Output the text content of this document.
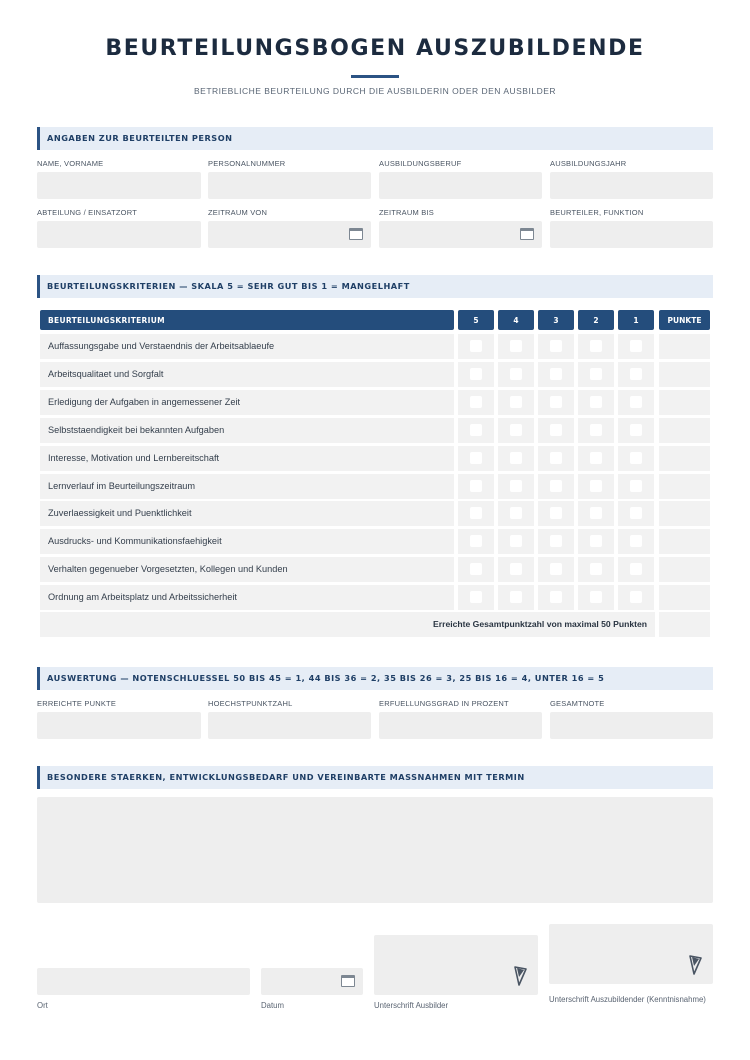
BEURTEILUNGSBOGEN AUSZUBILDENDE
BETRIEBLICHE BEURTEILUNG DURCH DIE AUSBILDERIN ODER DEN AUSBILDER
ANGABEN ZUR BEURTEILTEN PERSON
NAME, VORNAME	PERSONALNUMMER	AUSBILDUNGSBERUF	AUSBILDUNGSJAHR
ABTEILUNG / EINSATZORT	ZEITRAUM VON	ZEITRAUM BIS	BEURTEILER, FUNKTION
BEURTEILUNGSKRITERIEN — SKALA 5 = SEHR GUT BIS 1 = MANGELHAFT
BEURTEILUNGSKRITERIUM	5	4	3	2	1	PUNKTE
Auffassungsgabe und Verstaendnis der Arbeitsablaeufe
Arbeitsqualitaet und Sorgfalt
Erledigung der Aufgaben in angemessener Zeit
Selbststaendigkeit bei bekannten Aufgaben
Interesse, Motivation und Lernbereitschaft
Lernverlauf im Beurteilungszeitraum
Zuverlaessigkeit und Puenktlichkeit
Ausdrucks- und Kommunikationsfaehigkeit
Verhalten gegenueber Vorgesetzten, Kollegen und Kunden
Ordnung am Arbeitsplatz und Arbeitssicherheit
Erreichte Gesamtpunktzahl von maximal 50 Punkten
AUSWERTUNG — NOTENSCHLUESSEL 50 BIS 45 = 1, 44 BIS 36 = 2, 35 BIS 26 = 3, 25 BIS 16 = 4, UNTER 16 = 5
ERREICHTE PUNKTE	HOECHSTPUNKTZAHL	ERFUELLUNGSGRAD IN PROZENT	GESAMTNOTE
BESONDERE STAERKEN, ENTWICKLUNGSBEDARF UND VEREINBARTE MASSNAHMEN MIT TERMIN
Ort	Datum	Unterschrift Ausbilder
Unterschrift Auszubildender (Kenntnisnahme)
